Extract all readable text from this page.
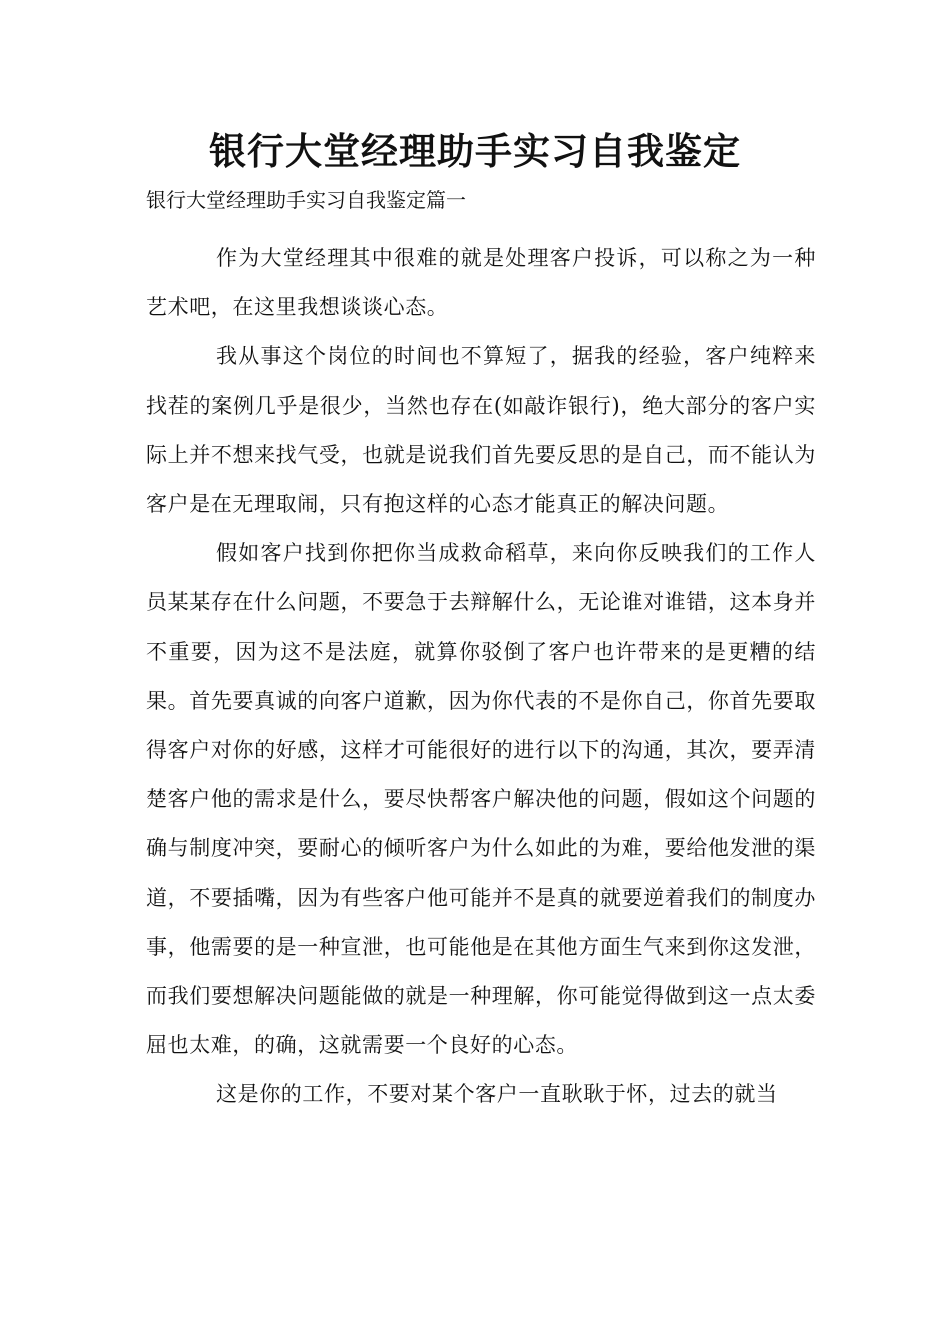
银行大堂经理助手实习自我鉴定

银行大堂经理助手实习自我鉴定篇一

作为大堂经理其中很难的就是处理客户投诉，可以称之为一种艺术吧，在这里我想谈谈心态。

我从事这个岗位的时间也不算短了，据我的经验，客户纯粹来找茬的案例几乎是很少，当然也存在(如敲诈银行)，绝大部分的客户实际上并不想来找气受，也就是说我们首先要反思的是自己，而不能认为客户是在无理取闹，只有抱这样的心态才能真正的解决问题。

假如客户找到你把你当成救命稻草，来向你反映我们的工作人员某某存在什么问题，不要急于去辩解什么，无论谁对谁错，这本身并不重要，因为这不是法庭，就算你驳倒了客户也许带来的是更糟的结果。首先要真诚的向客户道歉，因为你代表的不是你自己，你首先要取得客户对你的好感，这样才可能很好的进行以下的沟通，其次，要弄清楚客户他的需求是什么，要尽快帮客户解决他的问题，假如这个问题的确与制度冲突，要耐心的倾听客户为什么如此的为难，要给他发泄的渠道，不要插嘴，因为有些客户他可能并不是真的就要逆着我们的制度办事，他需要的是一种宣泄，也可能他是在其他方面生气来到你这发泄，而我们要想解决问题能做的就是一种理解，你可能觉得做到这一点太委屈也太难，的确，这就需要一个良好的心态。

这是你的工作，不要对某个客户一直耿耿于怀，过去的就当
